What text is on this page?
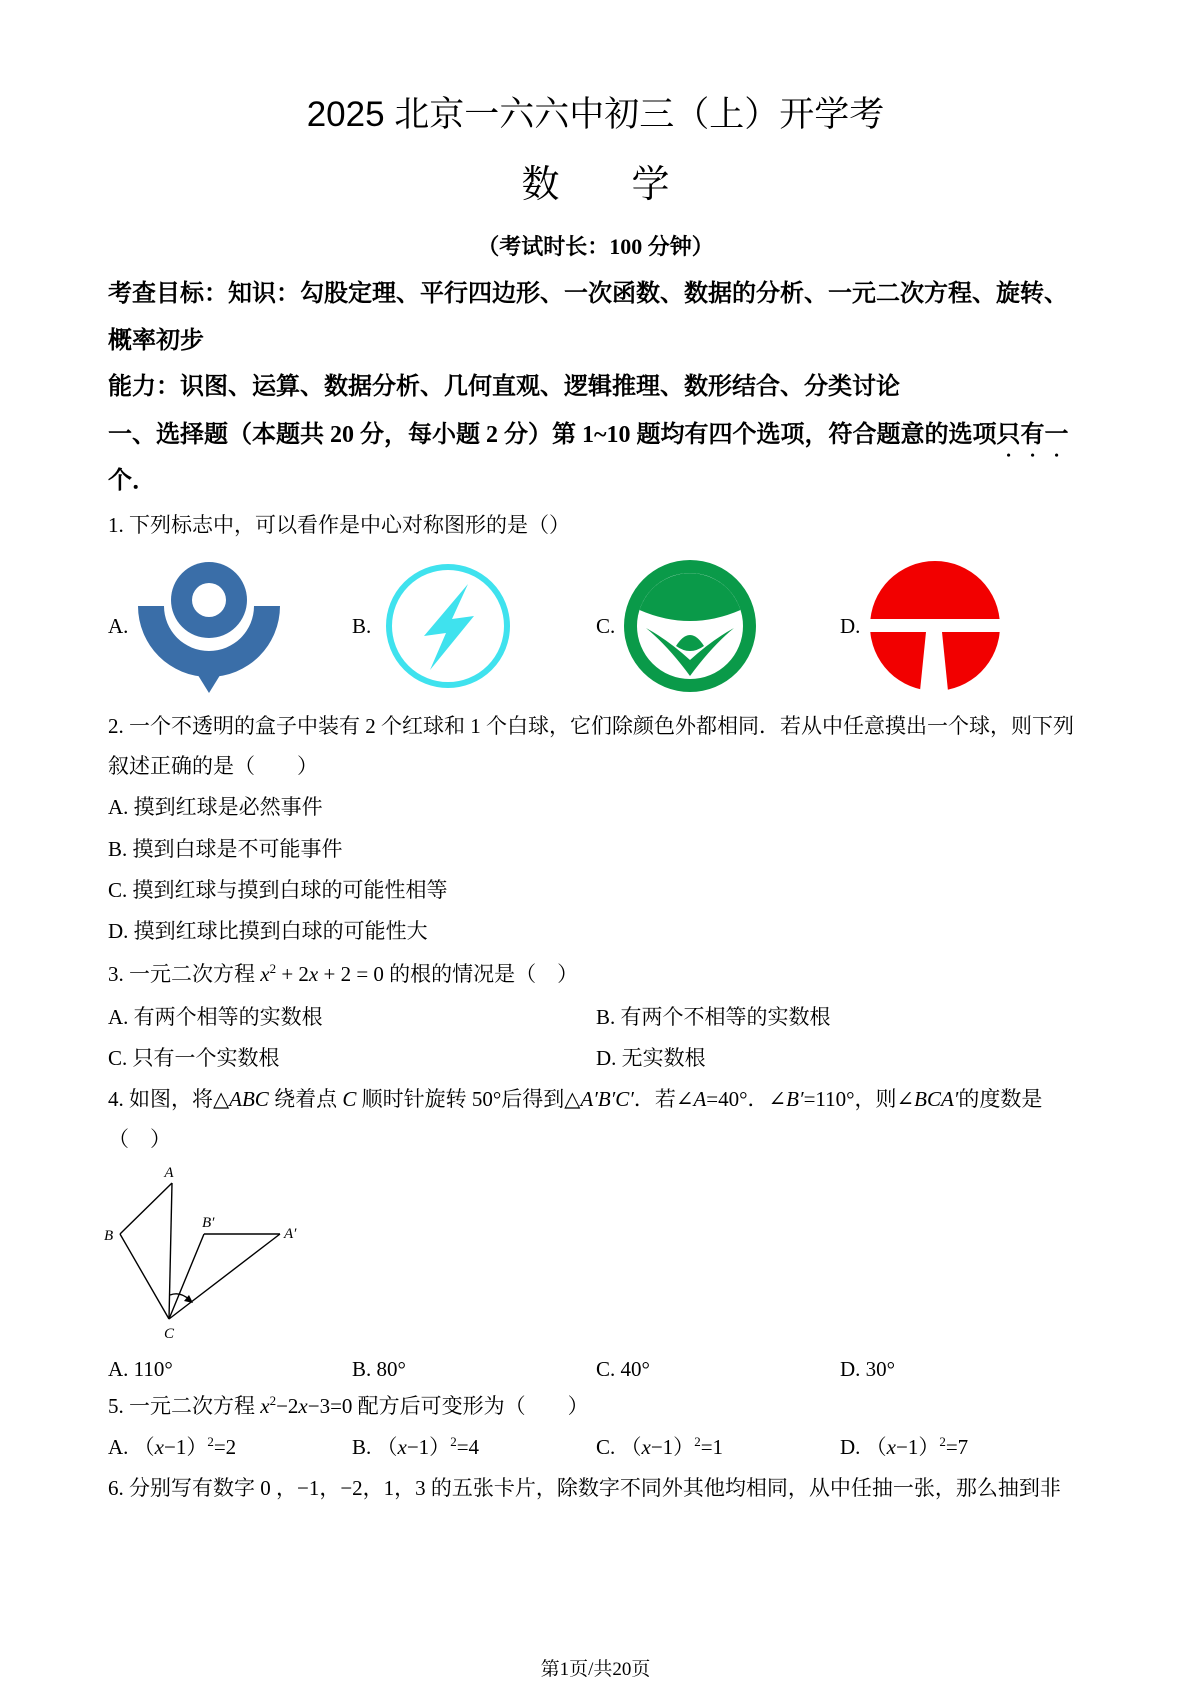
2025 北京一六六中初三（上）开学考
数学
（考试时长：100 分钟）
考查目标：知识：勾股定理、平行四边形、一次函数、数据的分析、一元二次方程、旋转、
概率初步
能力：识图、运算、数据分析、几何直观、逻辑推理、数形结合、分类讨论
一、选择题（本题共 20 分，每小题 2 分）第 1~10 题均有四个选项，符合题意的选项只有一
个．
1. 下列标志中，可以看作是中心对称图形的是（）
A.	B.	C.	D.
2. 一个不透明的盒子中装有 2 个红球和 1 个白球，它们除颜色外都相同．若从中任意摸出一个球，则下列
叙述正确的是（　　）
A. 摸到红球是必然事件
B. 摸到白球是不可能事件
C. 摸到红球与摸到白球的可能性相等
D. 摸到红球比摸到白球的可能性大
3. 一元二次方程 $x^2 + 2x + 2 = 0$ 的根的情况是（　）
A. 有两个相等的实数根	B. 有两个不相等的实数根
C. 只有一个实数根	D. 无实数根
4. 如图，将△ABC 绕着点 C 顺时针旋转 50°后得到△A′B′C′．若∠A=40°．∠B′=110°，则∠BCA′的度数是
（　）
A
B
B′
A′
C
A. 110°	B. 80°	C. 40°	D. 30°
5. 一元二次方程 $x^2-2x-3=0$ 配方后可变形为（　　）
A. $(x-1)^2=2$	B. $(x-1)^2=4$	C. $(x-1)^2=1$	D. $(x-1)^2=7$
6. 分别写有数字 0 ，−1，−2，1，3 的五张卡片，除数字不同外其他均相同，从中任抽一张，那么抽到非
第1页/共20页
